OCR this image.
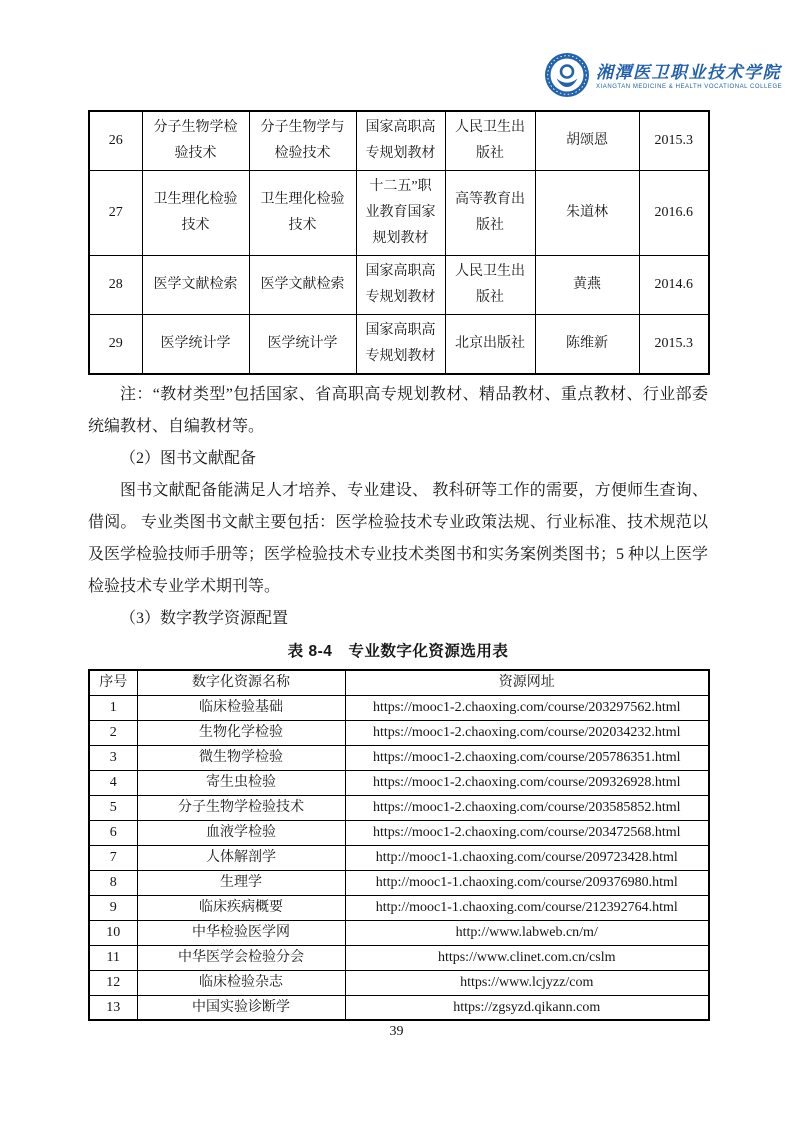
湘潭医卫职业技术学院
XIANGTAN MEDICINE & HEALTH VOCATIONAL COLLEGE
26	分子生物学检验技术	分子生物学与检验技术	国家高职高专规划教材	人民卫生出版社	胡颂恩	2015.3
27	卫生理化检验技术	卫生理化检验技术	十二五”职业教育国家规划教材	高等教育出版社	朱道林	2016.6
28	医学文献检索	医学文献检索	国家高职高专规划教材	人民卫生出版社	黄燕	2014.6
29	医学统计学	医学统计学	国家高职高专规划教材	北京出版社	陈维新	2015.3
注：“教材类型”包括国家、省高职高专规划教材、精品教材、重点教材、行业部委统编教材、自编教材等。
（2）图书文献配备
图书文献配备能满足人才培养、专业建设、 教科研等工作的需要，方便师生查询、借阅。 专业类图书文献主要包括：医学检验技术专业政策法规、行业标准、技术规范以及医学检验技师手册等；医学检验技术专业技术类图书和实务案例类图书；5 种以上医学检验技术专业学术期刊等。
（3）数字教学资源配置
表 8-4　专业数字化资源选用表
序号	数字化资源名称	资源网址
1	临床检验基础	https://mooc1-2.chaoxing.com/course/203297562.html
2	生物化学检验	https://mooc1-2.chaoxing.com/course/202034232.html
3	微生物学检验	https://mooc1-2.chaoxing.com/course/205786351.html
4	寄生虫检验	https://mooc1-2.chaoxing.com/course/209326928.html
5	分子生物学检验技术	https://mooc1-2.chaoxing.com/course/203585852.html
6	血液学检验	https://mooc1-2.chaoxing.com/course/203472568.html
7	人体解剖学	http://mooc1-1.chaoxing.com/course/209723428.html
8	生理学	http://mooc1-1.chaoxing.com/course/209376980.html
9	临床疾病概要	http://mooc1-1.chaoxing.com/course/212392764.html
10	中华检验医学网	http://www.labweb.cn/m/
11	中华医学会检验分会	https://www.clinet.com.cn/cslm
12	临床检验杂志	https://www.lcjyzz/com
13	中国实验诊断学	https://zgsyzd.qikann.com
39
